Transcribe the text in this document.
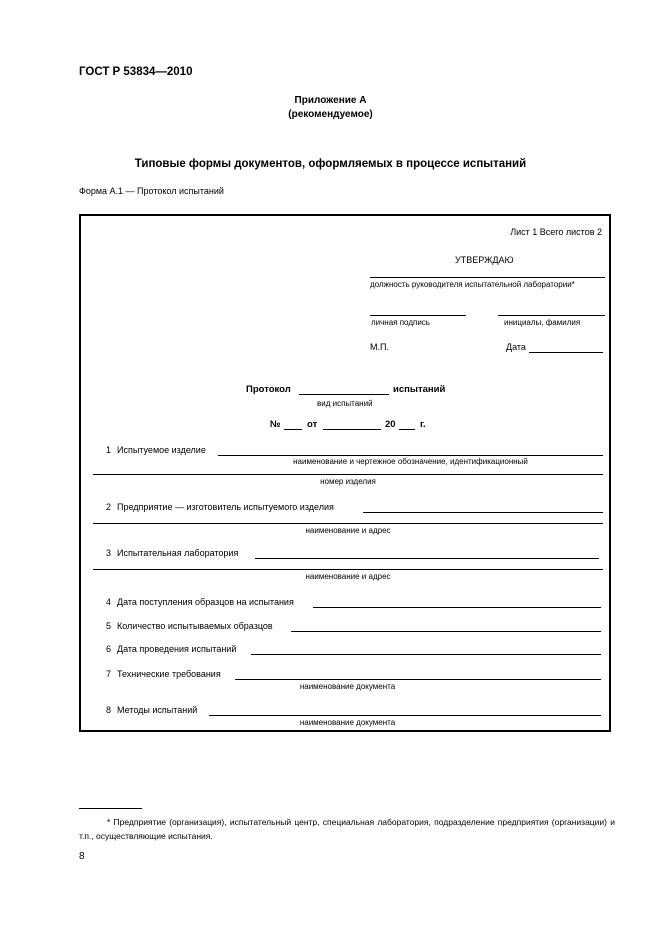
ГОСТ Р 53834—2010
Приложение А
(рекомендуемое)
Типовые формы документов, оформляемых в процессе испытаний
Форма А.1 — Протокол испытаний
Лист 1 Всего листов 2
УТВЕРЖДАЮ
должность руководителя испытательной лаборатории*
личная подпись	инициалы, фамилия
М.П.	Дата
Протокол	испытаний
вид испытаний
№	от	20	г.
1 Испытуемое изделие
наименование и чертежное обозначение, идентификационный
номер изделия
2 Предприятие — изготовитель испытуемого изделия
наименование и адрес
3 Испытательная лаборатория
наименование и адрес
4 Дата поступления образцов на испытания
5 Количество испытываемых образцов
6 Дата проведения испытаний
7 Технические требования
наименование документа
8 Методы испытаний
наименование документа
* Предприятие (организация), испытательный центр, специальная лаборатория, подразделение предприятия (организации) и т.п., осуществляющие испытания.
8
